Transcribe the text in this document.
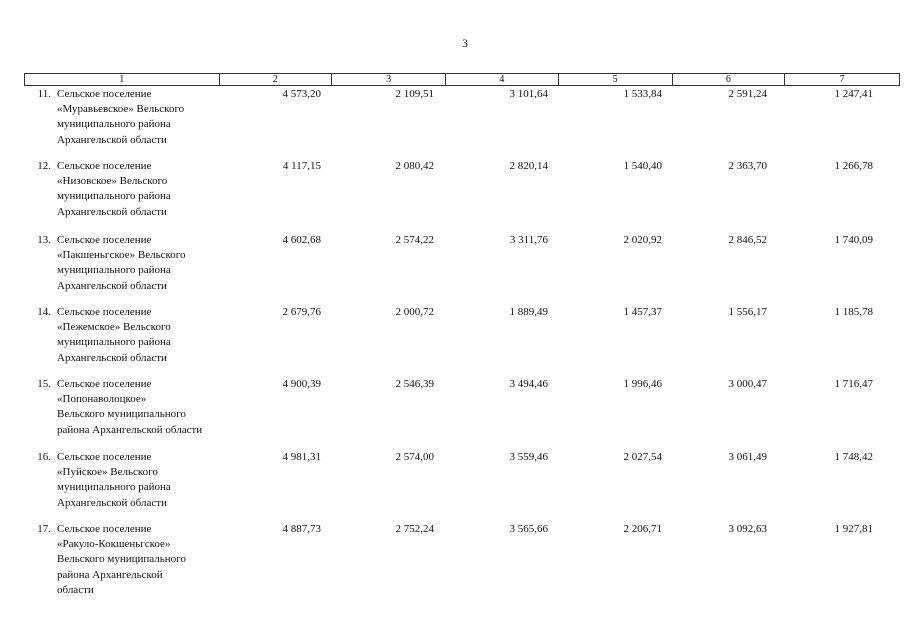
3
1	2	3	4	5	6	7
11. Сельское поселение
«Муравьевское» Вельского
муниципального района
Архангельской области
4 573,20	2 109,51	3 101,64	1 533,84	2 591,24	1 247,41
12. Сельское поселение
«Низовское» Вельского
муниципального района
Архангельской области
4 117,15	2 080,42	2 820,14	1 540,40	2 363,70	1 266,78
13. Сельское поселение
«Пакшеньгское» Вельского
муниципального района
Архангельской области
4 602,68	2 574,22	3 311,76	2 020,92	2 846,52	1 740,09
14. Сельское поселение
«Пежемское» Вельского
муниципального района
Архангельской области
2 679,76	2 000,72	1 889,49	1 457,37	1 556,17	1 185,78
15. Сельское поселение
«Попонаволоцкое»
Вельского муниципального
района Архангельской области
4 900,39	2 546,39	3 494,46	1 996,46	3 000,47	1 716,47
16. Сельское поселение
«Пуйское» Вельского
муниципального района
Архангельской области
4 981,31	2 574,00	3 559,46	2 027,54	3 061,49	1 748,42
17. Сельское поселение
«Ракуло-Кокшеньгское»
Вельского муниципального
района Архангельской
области
4 887,73	2 752,24	3 565,66	2 206,71	3 092,63	1 927,81
